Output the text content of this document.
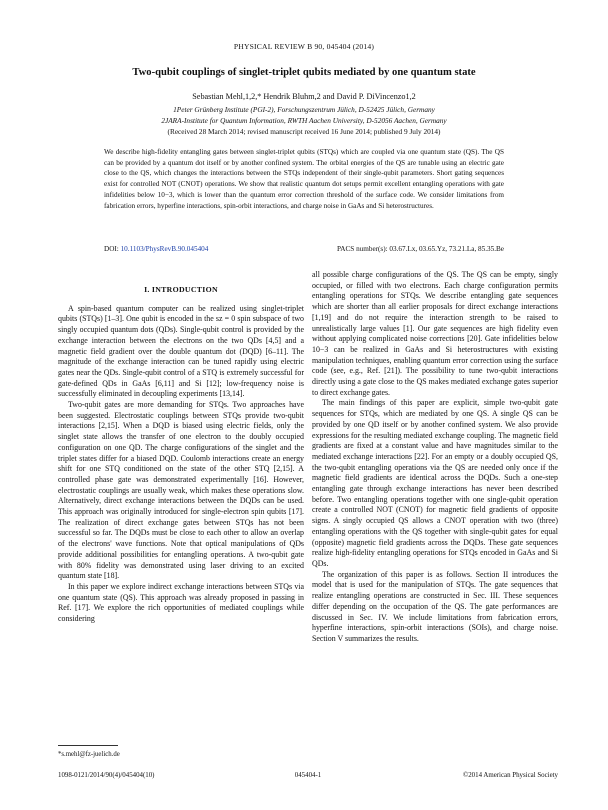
PHYSICAL REVIEW B 90, 045404 (2014)
Two-qubit couplings of singlet-triplet qubits mediated by one quantum state
Sebastian Mehl,1,2,* Hendrik Bluhm,2 and David P. DiVincenzo1,2
1Peter Grünberg Institute (PGI-2), Forschungszentrum Jülich, D-52425 Jülich, Germany
2JARA-Institute for Quantum Information, RWTH Aachen University, D-52056 Aachen, Germany
(Received 28 March 2014; revised manuscript received 16 June 2014; published 9 July 2014)

We describe high-fidelity entangling gates between singlet-triplet qubits (STQs) which are coupled via one quantum state (QS). The QS can be provided by a quantum dot itself or by another confined system. The orbital energies of the QS are tunable using an electric gate close to the QS, which changes the interactions between the STQs independent of their single-qubit parameters. Short gating sequences exist for controlled NOT (CNOT) operations. We show that realistic quantum dot setups permit excellent entangling operations with gate infidelities below 10−3, which is lower than the quantum error correction threshold of the surface code. We consider limitations from fabrication errors, hyperfine interactions, spin-orbit interactions, and charge noise in GaAs and Si heterostructures.

DOI: 10.1103/PhysRevB.90.045404	PACS number(s): 03.67.Lx, 03.65.Yz, 73.21.La, 85.35.Be
I. INTRODUCTION

A spin-based quantum computer can be realized using singlet-triplet qubits (STQs) [1–3]. One qubit is encoded in the sz = 0 spin subspace of two singly occupied quantum dots (QDs). Single-qubit control is provided by the exchange interaction between the electrons on the two QDs [4,5] and a magnetic field gradient over the double quantum dot (DQD) [6–11]. The magnitude of the exchange interaction can be tuned rapidly using electric gates near the QDs. Single-qubit control of a STQ is extremely successful for gate-defined QDs in GaAs [6,11] and Si [12]; low-frequency noise is successfully eliminated in decoupling experiments [13,14].

Two-qubit gates are more demanding for STQs. Two approaches have been suggested. Electrostatic couplings between STQs provide two-qubit interactions [2,15]. When a DQD is biased using electric fields, only the singlet state allows the transfer of one electron to the doubly occupied configuration on one QD. The charge configurations of the singlet and the triplet states differ for a biased DQD. Coulomb interactions create an energy shift for one STQ conditioned on the state of the other STQ [2,15]. A controlled phase gate was demonstrated experimentally [16]. However, electrostatic couplings are usually weak, which makes these operations slow. Alternatively, direct exchange interactions between the DQDs can be used. This approach was originally introduced for single-electron spin qubits [17]. The realization of direct exchange gates between STQs has not been successful so far. The DQDs must be close to each other to allow an overlap of the electrons' wave functions. Note that optical manipulations of QDs provide additional possibilities for entangling operations. A two-qubit gate with 80% fidelity was demonstrated using laser driving to an excited quantum state [18].

In this paper we explore indirect exchange interactions between STQs via one quantum state (QS). This approach was already proposed in passing in Ref. [17]. We explore the rich opportunities of mediated couplings while considering

all possible charge configurations of the QS. The QS can be empty, singly occupied, or filled with two electrons. Each charge configuration permits entangling operations for STQs. We describe entangling gate sequences which are shorter than all earlier proposals for direct exchange interactions [1,19] and do not require the interaction strength to be raised to unrealistically large values [1]. Our gate sequences are high fidelity even without applying complicated noise corrections [20]. Gate infidelities below 10−3 can be realized in GaAs and Si heterostructures with existing manipulation techniques, enabling quantum error correction using the surface code (see, e.g., Ref. [21]). The possibility to tune two-qubit interactions directly using a gate close to the QS makes mediated exchange gates superior to direct exchange gates.

The main findings of this paper are explicit, simple two-qubit gate sequences for STQs, which are mediated by one QS. A single QS can be provided by one QD itself or by another confined system. We also provide expressions for the resulting mediated exchange coupling. The magnetic field gradients are fixed at a constant value and have magnitudes similar to the mediated exchange interactions [22]. For an empty or a doubly occupied QS, the two-qubit entangling operations via the QS are needed only once if the magnetic field gradients are identical across the DQDs. Such a one-step entangling gate through exchange interactions has never been described before. Two entangling operations together with one single-qubit operation create a controlled NOT (CNOT) for magnetic field gradients of opposite signs. A singly occupied QS allows a CNOT operation with two (three) entangling operations with the QS together with single-qubit gates for equal (opposite) magnetic field gradients across the DQDs. These gate sequences realize high-fidelity entangling operations for STQs encoded in GaAs and Si QDs.

The organization of this paper is as follows. Section II introduces the model that is used for the manipulation of STQs. The gate sequences that realize entangling operations are constructed in Sec. III. These sequences differ depending on the occupation of the QS. The gate performances are discussed in Sec. IV. We include limitations from fabrication errors, hyperfine interactions, spin-orbit interactions (SOIs), and charge noise. Section V summarizes the results.

*s.mehl@fz-juelich.de
1098-0121/2014/90(4)/045404(10)	045404-1	©2014 American Physical Society
